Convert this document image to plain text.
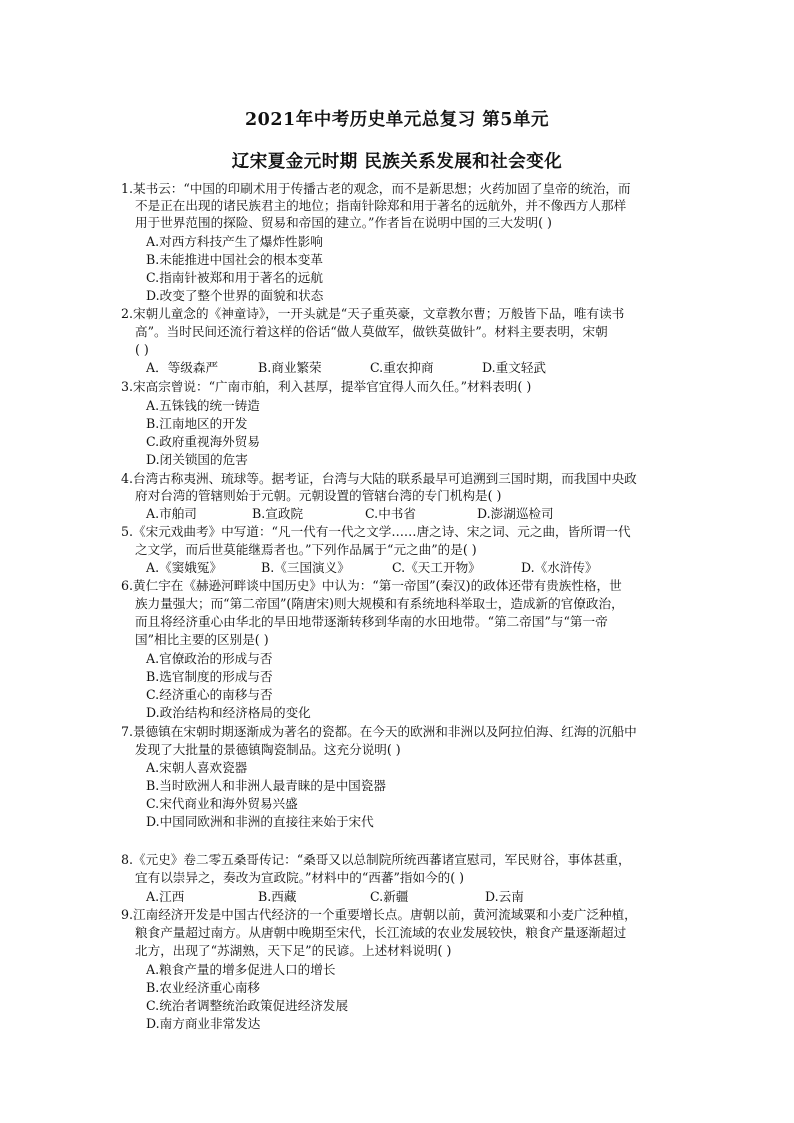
2021年中考历史单元总复习 第5单元
辽宋夏金元时期 民族关系发展和社会变化
1.某书云：“中国的印刷术用于传播古老的观念，而不是新思想；火药加固了皇帝的统治，而
不是正在出现的诸民族君主的地位；指南针除郑和用于著名的远航外，并不像西方人那样
用于世界范围的探险、贸易和帝国的建立。”作者旨在说明中国的三大发明( )
A.对西方科技产生了爆炸性影响
B.未能推进中国社会的根本变革
C.指南针被郑和用于著名的远航
D.改变了整个世界的面貌和状态
2.宋朝儿童念的《神童诗》，一开头就是“天子重英豪，文章教尔曹；万般皆下品，唯有读书
高”。当时民间还流行着这样的俗话“做人莫做军，做铁莫做针”。材料主要表明，宋朝
( )
A．等级森严	B.商业繁荣	C.重农抑商	D.重文轻武
3.宋高宗曾说：“广南市舶，利入甚厚，提举官宜得人而久任。”材料表明( )
A.五铢钱的统一铸造
B.江南地区的开发
C.政府重视海外贸易
D.闭关锁国的危害
4.台湾古称夷洲、琉球等。据考证，台湾与大陆的联系最早可追溯到三国时期，而我国中央政
府对台湾的管辖则始于元朝。元朝设置的管辖台湾的专门机构是( )
A.市舶司	B.宣政院	C.中书省	D.澎湖巡检司
5.《宋元戏曲考》中写道：“凡一代有一代之文学……唐之诗、宋之词、元之曲，皆所谓一代
之文学，而后世莫能继焉者也。”下列作品属于“元之曲”的是( )
A.《窦娥冤》	B.《三国演义》	C.《天工开物》	D.《水浒传》
6.黄仁宇在《赫逊河畔谈中国历史》中认为：“第一帝国”(秦汉)的政体还带有贵族性格，世
族力量强大；而“第二帝国”(隋唐宋)则大规模和有系统地科举取士，造成新的官僚政治，
而且将经济重心由华北的旱田地带逐渐转移到华南的水田地带。“第二帝国”与“第一帝
国”相比主要的区别是( )
A.官僚政治的形成与否
B.选官制度的形成与否
C.经济重心的南移与否
D.政治结构和经济格局的变化
7.景德镇在宋朝时期逐渐成为著名的瓷都。在今天的欧洲和非洲以及阿拉伯海、红海的沉船中
发现了大批量的景德镇陶瓷制品。这充分说明( )
A.宋朝人喜欢瓷器
B.当时欧洲人和非洲人最青睐的是中国瓷器
C.宋代商业和海外贸易兴盛
D.中国同欧洲和非洲的直接往来始于宋代
8.《元史》卷二零五桑哥传记：“桑哥又以总制院所统西蕃诸宣慰司，军民财谷，事体甚重，
宜有以崇异之，奏改为宣政院。”材料中的“西蕃”指如今的( )
A.江西	B.西藏	C.新疆	D.云南
9.江南经济开发是中国古代经济的一个重要增长点。唐朝以前，黄河流域粟和小麦广泛种植，
粮食产量超过南方。从唐朝中晚期至宋代，长江流域的农业发展较快，粮食产量逐渐超过
北方，出现了“苏湖熟，天下足”的民谚。上述材料说明( )
A.粮食产量的增多促进人口的增长
B.农业经济重心南移
C.统治者调整统治政策促进经济发展
D.南方商业非常发达
